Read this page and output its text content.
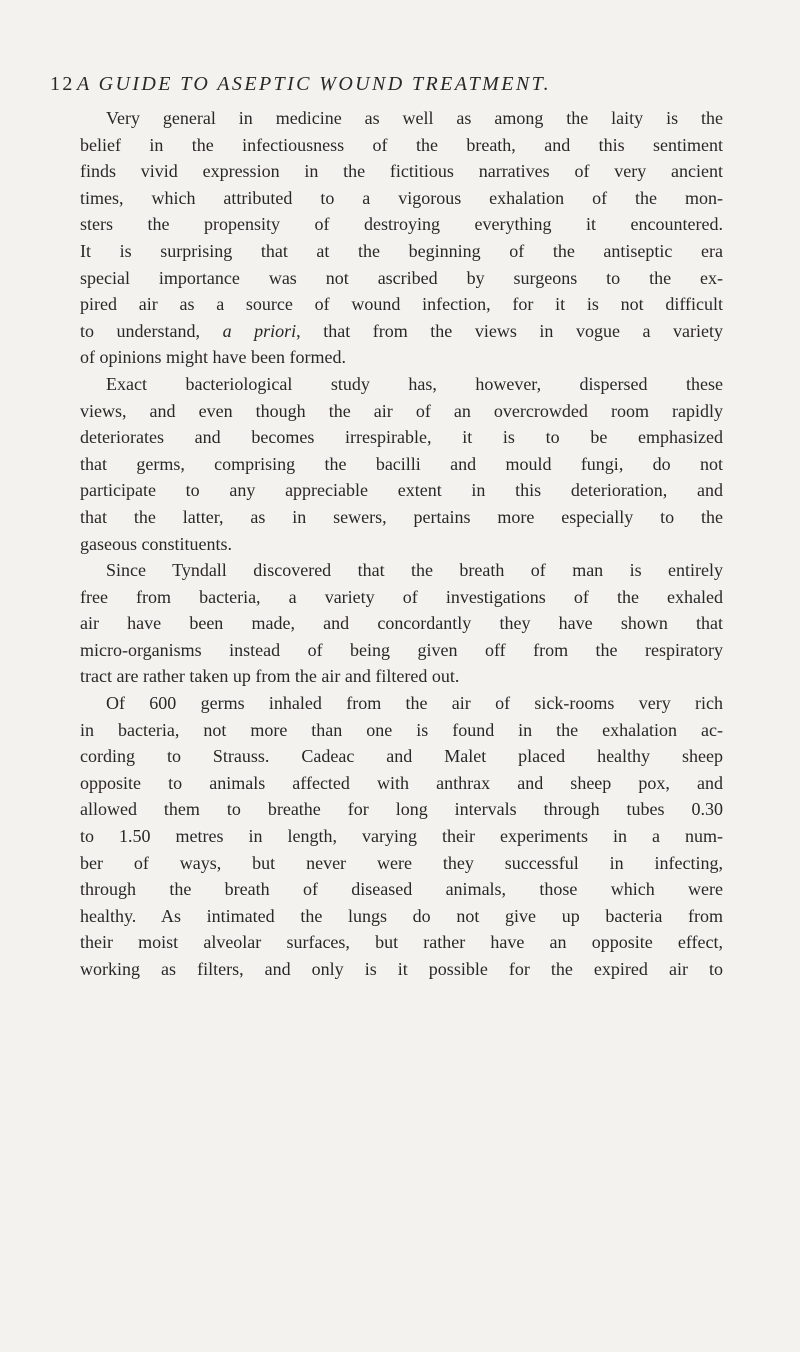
12 A GUIDE TO ASEPTIC WOUND TREATMENT.
Very general in medicine as well as among the laity is the
belief in the infectiousness of the breath, and this sentiment
finds vivid expression in the fictitious narratives of very ancient
times, which attributed to a vigorous exhalation of the mon-
sters the propensity of destroying everything it encountered.
It is surprising that at the beginning of the antiseptic era
special importance was not ascribed by surgeons to the ex-
pired air as a source of wound infection, for it is not difficult
to understand, a priori, that from the views in vogue a variety
of opinions might have been formed.
Exact bacteriological study has, however, dispersed these
views, and even though the air of an overcrowded room rapidly
deteriorates and becomes irrespirable, it is to be emphasized
that germs, comprising the bacilli and mould fungi, do not
participate to any appreciable extent in this deterioration, and
that the latter, as in sewers, pertains more especially to the
gaseous constituents.
Since Tyndall discovered that the breath of man is entirely
free from bacteria, a variety of investigations of the exhaled
air have been made, and concordantly they have shown that
micro-organisms instead of being given off from the respiratory
tract are rather taken up from the air and filtered out.
Of 600 germs inhaled from the air of sick-rooms very rich
in bacteria, not more than one is found in the exhalation ac-
cording to Strauss. Cadeac and Malet placed healthy sheep
opposite to animals affected with anthrax and sheep pox, and
allowed them to breathe for long intervals through tubes 0.30
to 1.50 metres in length, varying their experiments in a num-
ber of ways, but never were they successful in infecting,
through the breath of diseased animals, those which were
healthy. As intimated the lungs do not give up bacteria from
their moist alveolar surfaces, but rather have an opposite effect,
working as filters, and only is it possible for the expired air to
